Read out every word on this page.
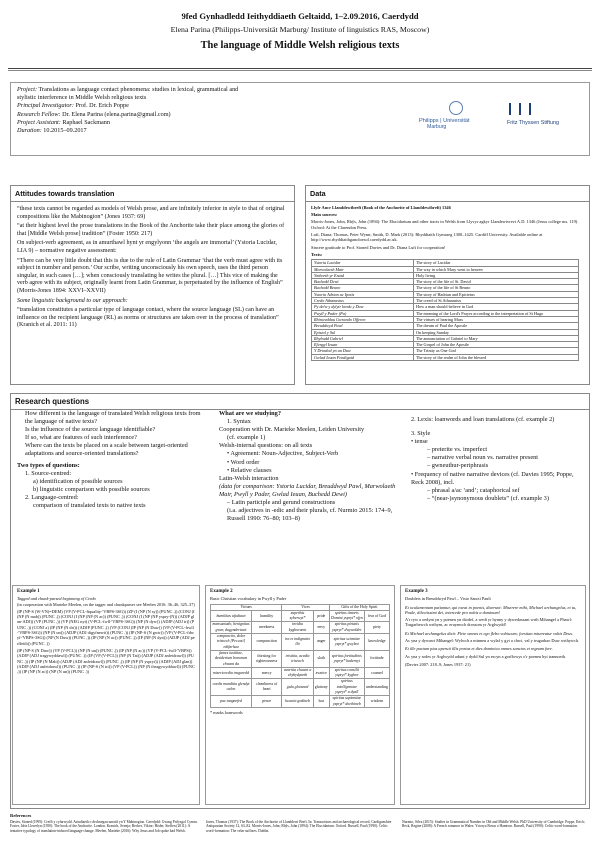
9fed Gynhadledd Ieithyddiaeth Geltaidd, 1–2.09.2016, Caerdydd
Elena Parina (Philipps-Universität Marburg/ Institute of linguistics RAS, Moscow)
The language of Middle Welsh religious texts
Project: Translations as language contact phenomena: studies in lexical, grammatical and stylistic interference in Middle Welsh religious texts
Principal Investigator: Prof. Dr. Erich Poppe
Research Fellow: Dr. Elena Parina (elena.parina@gmail.com)
Project Assistant: Raphael Sackmann
Duration: 10.2015–09.2017
Philipps | Universität
Marburg
Fritz Thyssen Stiftung
Attitudes towards translation

“these texts cannot be regarded as models of Welsh prose, and are infinitely inferior in style to that of original compositions like the Mabinogion” (Jones 1937: 69)

“at their highest level the prose translations in the Book of the Anchorite take their place among the glories of that [Middle Welsh prose] tradition” (Foster 1950: 217)

On subject-verb agreement, as in amurthawl hynt yr engylyonn ‘the angels are immortal’ (Ystoria Lucidar, LIA 9) – normative negative assessment:

“There can be very little doubt that this is due to the rule of Latin Grammar ‘that the verb must agree with its subject in number and person.’ Our scribe, writing unconsciously his own speech, uses the third person singular, in such cases […]; when consciously translating he writes the plural. […] This vice of making the verb agree with its subject, originally learnt from Latin Grammar, is perpetuated by the influence of English” (Morris-Jones 1894: XXVI–XXVII)

Some linguistic background to our approach:

“translation constitutes a particular type of language contact, where the source language (SL) can have an influence on the recipient language (RL) as norms or structures are taken over in the process of translation” (Kranich et al. 2011: 11)

Data

Llyfr Ancr Llanddewibrefi (Book of the Anchorite of Llanddewibrefi) 1346

Main sources:

Morris-Jones, John, Rhŷs, John (1894): The Elucidarium and other tracts in Welsh from Llyvyr agkyr Llandewivrevi A.D. 1346 (Jesus college ms. 119). Oxford: At the Clarendon Press.

Luft, Diana; Thomas, Peter Wynn; Smith, D. Mark (2013): Rhyddiaith Gymraeg 1300–1425. Cardiff University. Available online at http://www.rhyddiaithganoloesol.caerdydd.ac.uk.

Sincere gratitude to Prof. Sioned Davies and Dr. Diana Luft for cooperation!

Texts:

Ystoria Lucidar	The story of Lucidar
Marwolaeth Mair	The way in which Mary went to heaven
Ymborth yr Enaid	Holy living
Buchedd Dewi	The story of the life of St. David
Buchedd Beuno	The story of the life of St Beuno
Ystoria Adrian ac Ipotis	The story of Hadrian and Epictetus
Credo Athanasius	The creed of St Athanasius
Py delw y dylyir kredu y Duw	How a man should believe in God
Pwyll y Pader (Pa)	The meaning of the Lord's Prayer according to the interpretation of St Hugo
Rhinweddau Gwrando Offeren	The virtues of hearing Mass
Breuddwyd Pawl	The dream of Paul the Apostle
Epistol y Sul	On keeping Sunday
Rhybudd Gabriel	The annunciation of Gabriel to Mary
Efengyl Ieuan	The Gospel of John the Apostle
Y Drindod yn un Duw	The Trinity as One God
Gwlad Ieuan Fendigaid	The story of the realm of John the blessed
Research questions
How different is the language of translated Welsh religious texts from the language of native texts?
Is the influence of the source language identifiable?
If so, what are features of such interference?
Where can the texts be placed on a scale between target-oriented adaptations and source-oriented translations?
Two types of questions:
1. Source-centred:
a) identification of possible sources
b) linguistic comparison with possible sources
2. Language-centred:
comparison of translated texts to native texts
What are we studying?
1. Syntax
Cooperation with Dr. Marieke Meelen, Leiden University
(cf. example 1)
Welsh-internal questions: on all texts
• Agreement: Noun-Adjective, Subject-Verb
• Word order
• Relative clauses
Latin-Welsh interaction
(data for comparison: Ystoria Lucidar, Breuddwyd Pawl, Marwolaeth Mair, Pwyll y Pader, Gwlad Ieuan, Buchedd Dewi)
– Latin participle and gerund constructions
(i.a. adjectives in -edic and their plurals, cf. Nurmio 2015: 174–9, Russell 1990: 76–80; 103–8)
2. Lexis: loanwords and loan translations (cf. example 2)
3. Style
• tense
– preterite vs. imperfect
– narrative verbal noun vs. narrative present
– gwneuthur-periphrasis
• Frequency of native narrative devices (cf. Davies 1995; Poppe, Reck 2008), incl.
– phrasal a/ac ‘and’; cataphorical sef
– “(near-)synonymous doublets” (cf. example 3)
Example 1
Tagged and chunk-parsed beginning of Credo
(in cooperation with Marieke Meelen, on the tagger and chunkparser see Meelen 2016: 36–46, 325–37)
(IP (NP-S (W-VN)=DEM) (VP (V-PCL-ftquality-'VBPS-3SG)) (ZP (I (NP (N sy)) (PUNC ,)) (CONJ (I (NP (N mab)) (PUNC ,)) (CONJ (I (NP (NP (N ac)) (PUNC ,)) (CONJ (I (NP (NP yspry-(N)) (ADJP glan-ADJ)) (VP (PUNC ,)) (VP (NEG nyt) (V-PCL-fwll-'VBPS-3SG)) (NP (N dyw)) (ADJP (ADJ tr)) (PUNC .)) (CONJ a) (IP (NP (N dri)) (ADJP (PUNC ,)) (VP (CONJ (IP (NP (N Duw)) (VP (V-PCL-frwll-'VBPS-3SG)) (NP (N un)) (ADJP (ADJ digyfnewit)) (PUNC .)) (IP (NP-S (N gwir)) (VP (V-PCL-fdwyf-'VBPS-3SG)) (NP (N Duw)) (PUNC ,)) (IP (NP (N ac)) (PUNC ,)) (IP (NP (N dyn)) (ADJP (ADJ perffeith)) (PUNC .))
(IP (NP-S (N Duw)) (VP (V-PCL)) (NP (N un)) (PUNC ,)) (IP (NP (N ac)) (VP (V-PCL-fwll-'VBPS)) (ADJP (ADJ tragywyddawl)) (PUNC .)) (IP (VP (V-PCL)) (NP (N Tat)) (ADJP (ADJ anfeidrawl)) (PUNC .)) (IP (NP (N Mab)) (ADJP (ADJ anfeidrawl)) (PUNC ,)) (IP (NP (N yspryt)) (ADJP (ADJ glan)) (ADJP (ADJ anfeidrawl)) (PUNC .)) (IP (NP-S (N tri)) (VP (V-PCL)) (NP (N thragywyddawl)) (PUNC ,)) (IP (NP (N ac)) (NP (N un)) (PUNC .))
Example 2
Basic Christian vocabulary in Pwyll y Pader
Virtues		Vices		Gifts of the Holy Spirit	
humilitas ufudtawt	humility	superbia syberwyt*	pride	spiritus timoris Domini yspryt* ofyn	fear of God
mansuetudo, benignitas gwar, dugyndertawt	meekness	invidia kyghoruent	envy	spiritus pietatis yspryt* dwywolder	piety
compunctio, dolor tristwch [Peccati] edifarhau	compunction	ira et indignatio llit	anger	spiritus scientiae yspryt* gwybot	knowledge
fames iustitiae, desiderium bonorum chwant da	thirsting for righteousness	tristitia, acedia tristwch	sloth	spiritus fortitudinis yspryt* kadernyt	fortitude
misericordia trugaredd	mercy	avaritia chwant a chybydyaeth	avarice	spiritus consilii yspryt* kyghor	counsel
cordis munditia glendyt calon	cleanliness of heart	gula glotuned	gluttony	spiritus intelligentiae yspryt* a dyall	understanding
pax tangnefed	peace	luxuria godineb	lust	spiritus sapientiae yspryt* doethineb	wisdom
* marks loanwords
Example 3
Doublets in Breuddwyd Pawl – Visio Sancti Pauli
Et oculamentum patiantur, qui exeat in poenis, dixerunt: Miserere mihi, Michael archangelus, et tu, Paule, dilectissimi dei, intercede pro nobis a dominum!
A'r ryw a oedynt yn y poeneu yn diodef, a wedi yr hynny y dywedassant wrth Mihangel a Phawl: Trugarhewch wrthym, ac eruynwch drossom yr Arglwydd!
Et Michael archangelus dixit: Flete omnes et ego flebo vobiscum; forsitan misereatur vobis Deus.
Ac yna y dywawt Mihangel: Wylwch a minneu a wylaf y gyt a chwi, val y trugarhao Duw wrthywch.
Et ille pactum pias aperuit illis portas et dies dominica omnes sanctos et regnum fore.
Ac yna y rodes yr Arglwydd udunt y dydd Sul yn escyn a gorffowys o'r poeneu hyt trannoeth.
(Davies 2007: 218–9; Jones 1937: 21)
References
Davies, Sioned (1995): Crefft y cyfarwydd. Astudiaeth o dechnegau naratif yn Y Mabinogion. Caerdydd: Gwasg Prifysgol Cymru. Foster, Idris Llewelyn (1950): The book of the Anchorite. London. Kranich, Svenja; Becher, Viktor; Höder, Steffen (2011): A tentative typology of translation-induced language change. Meelen, Marieke (2016): Why Jesus and Job spoke bad Welsh.
Jones, Thomas (1937): The Book of the Anchorite of Llanddewi Brefi. In: Transactions and archaeological record, Cardiganshire Antiquarian Society 12, 63–82. Morris-Jones, John; Rhŷs, John (1894): The Elucidarium. Oxford. Russell, Paul (1990): Celtic word-formation: The velar suffixes. Dublin.
Nurmio, Silva (2015): Studies in Grammatical Number in Old and Middle Welsh. PhD University of Cambridge. Poppe, Erich; Reck, Regine (2008): A French romance in Wales: Ystorya Bown o Hamtwn. Russell, Paul (1990): Celtic word-formation.
